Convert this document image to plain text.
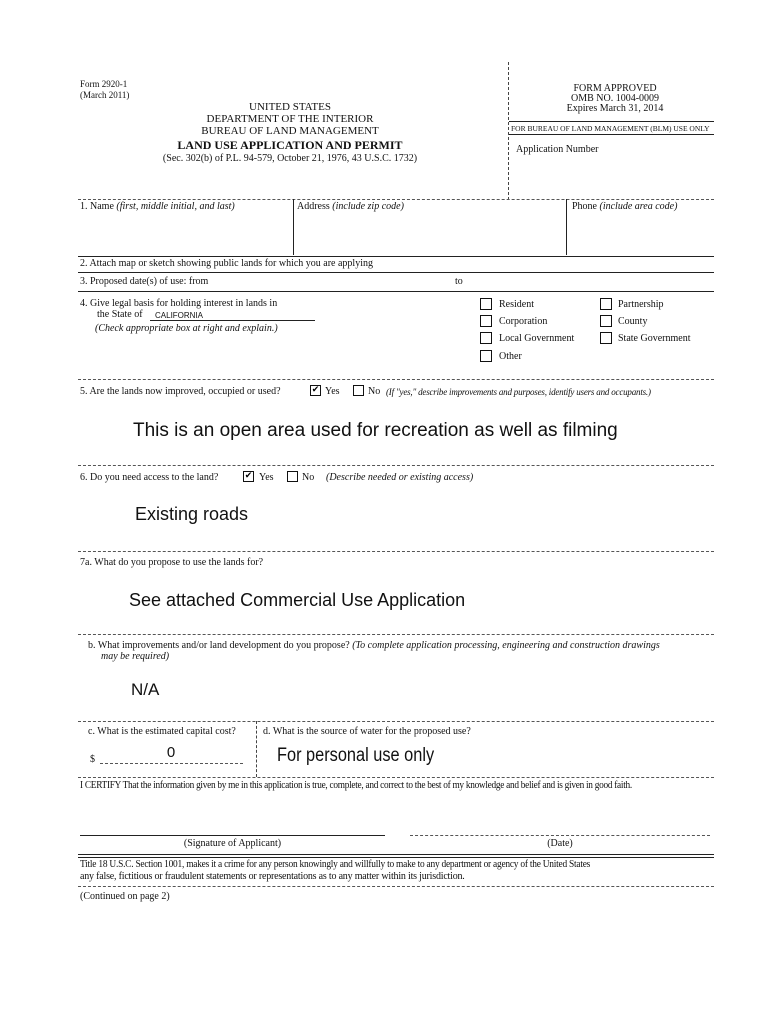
Form 2920-1
(March 2011)
UNITED STATES
DEPARTMENT OF THE INTERIOR
BUREAU OF LAND MANAGEMENT
LAND USE APPLICATION AND PERMIT
(Sec. 302(b) of P.L. 94-579, October 21, 1976, 43 U.S.C. 1732)
FORM APPROVED
OMB NO. 1004-0009
Expires March 31, 2014
FOR BUREAU OF LAND MANAGEMENT (BLM) USE ONLY
Application Number
1. Name (first, middle initial, and last)	Address (include zip code)	Phone (include area code)
2. Attach map or sketch showing public lands for which you are applying
3. Proposed date(s) of use: from	to
4. Give legal basis for holding interest in lands in
the State of CALIFORNIA
(Check appropriate box at right and explain.)
Resident	Partnership
Corporation	County
Local Government	State Government
Other
5. Are the lands now improved, occupied or used?	✔ Yes	No (If "yes," describe improvements and purposes, identify users and occupants.)
This is an open area used for recreation as well as filming
6. Do you need access to the land?	✔ Yes	No (Describe needed or existing access)
Existing roads
7a. What do you propose to use the lands for?
See attached Commercial Use Application
b. What improvements and/or land development do you propose? (To complete application processing, engineering and construction drawings
may be required)
N/A
c. What is the estimated capital cost?	d. What is the source of water for the proposed use?
$	0	For personal use only
I CERTIFY That the information given by me in this application is true, complete, and correct to the best of my knowledge and belief and is given in good faith.
(Signature of Applicant)	(Date)
Title 18 U.S.C. Section 1001, makes it a crime for any person knowingly and willfully to make to any department or agency of the United States
any false, fictitious or fraudulent statements or representations as to any matter within its jurisdiction.
(Continued on page 2)
